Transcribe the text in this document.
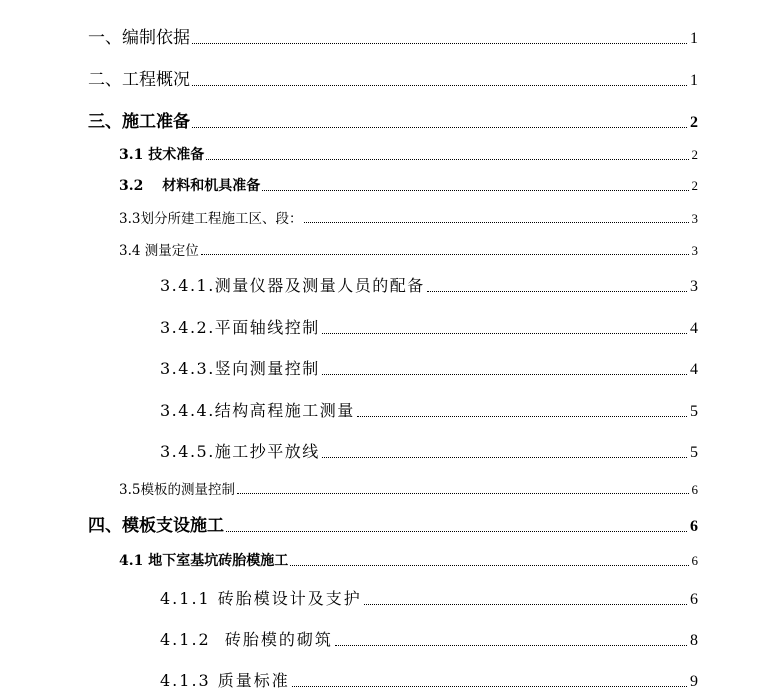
一、编制依据	1
二、工程概况	1
三、施工准备	2
3.1 技术准备	2
3.2 　材料和机具准备	2
3.3划分所建工程施工区、段：	3
3.4 测量定位	3
3.4.1.测量仪器及测量人员的配备	3
3.4.2.平面轴线控制	4
3.4.3.竖向测量控制	4
3.4.4.结构高程施工测量	5
3.4.5.施工抄平放线	5
3.5模板的测量控制	6
四、模板支设施工	6
4.1 地下室基坑砖胎模施工	6
4.1.1 砖胎模设计及支护	6
4.1.2  砖胎模的砌筑	8
4.1.3 质量标准	9
